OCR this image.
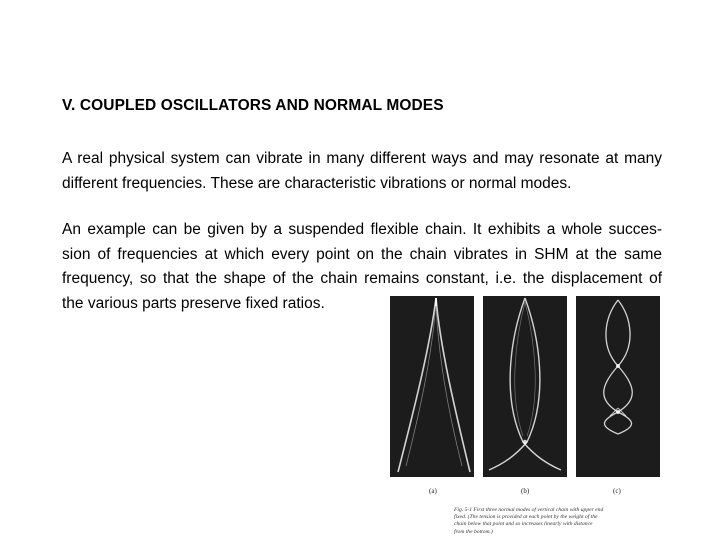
V. COUPLED OSCILLATORS AND NORMAL MODES

A real physical system can vibrate in many different ways and may resonate at many
different frequencies. These are characteristic vibrations or normal modes.

An example can be given by a suspended flexible chain. It exhibits a whole succes-
sion of frequencies at which every point on the chain vibrates in SHM at the same
frequency, so that the shape of the chain remains constant, i.e. the displacement of
the various parts preserve fixed ratios.

(a)	(b)	(c)
Fig. 5-1 First three normal modes of vertical chain with upper end fixed. (The tension is provided at each point by the weight of the chain below that point and so increases linearly with distance from the bottom.)
